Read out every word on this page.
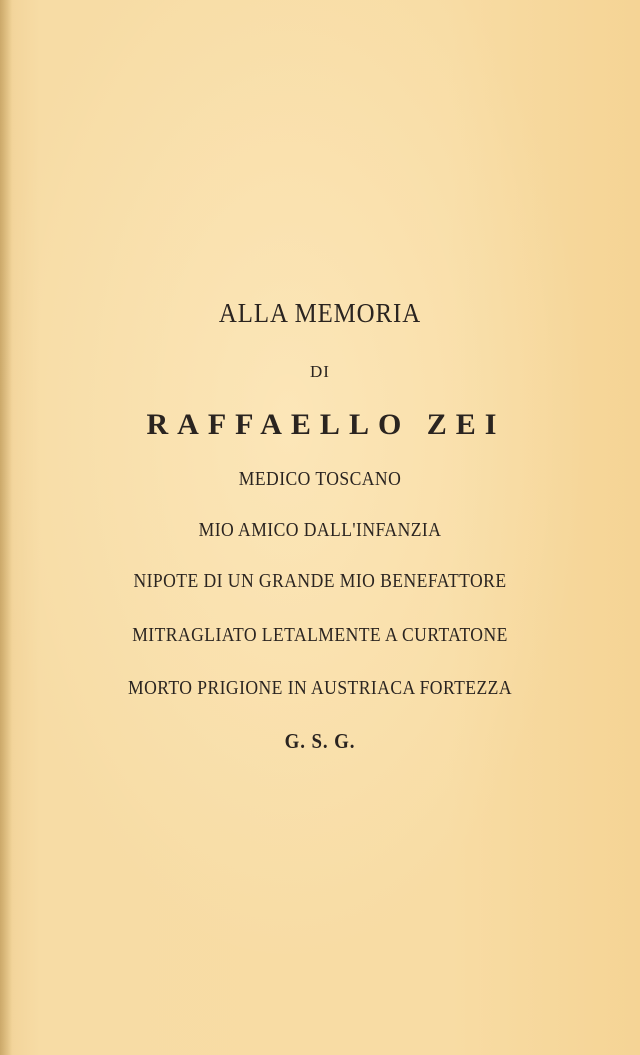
ALLA MEMORIA
DI
RAFFAELLO ZEI
MEDICO TOSCANO
MIO AMICO DALL'INFANZIA
NIPOTE DI UN GRANDE MIO BENEFATTORE
MITRAGLIATO LETALMENTE A CURTATONE
MORTO PRIGIONE IN AUSTRIACA FORTEZZA
G. S. G.
